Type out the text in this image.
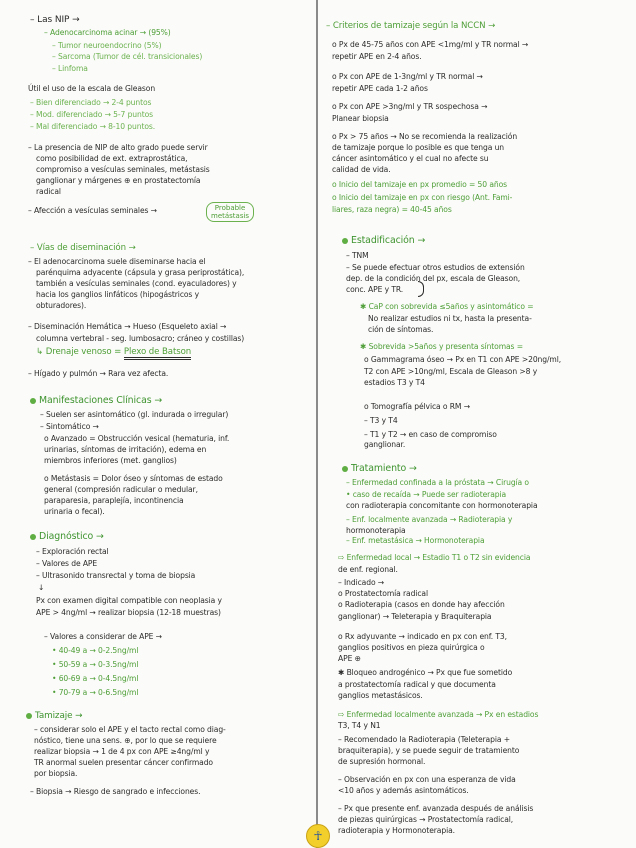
– Las NIP →
– Adenocarcinoma acinar → (95%)
– Tumor neuroendocrino (5%)
– Sarcoma (Tumor de cél. transicionales)
– Linfoma
Útil el uso de la escala de Gleason
– Bien diferenciado → 2-4 puntos
– Mod. diferenciado → 5-7 puntos
– Mal diferenciado → 8-10 puntos.
– La presencia de NIP de alto grado puede servir
como posibilidad de ext. extraprostática,
compromiso a vesículas seminales, metástasis
ganglionar y márgenes ⊕ en prostatectomía
radical
– Afección a vesículas seminales →	Probable
metástasis
– Vías de diseminación →
– El adenocarcinoma suele diseminarse hacia el
parénquima adyacente (cápsula y grasa periprostática),
también a vesículas seminales (cond. eyaculadores) y
hacia los ganglios linfáticos (hipogástricos y
obturadores).
– Diseminación Hemática → Hueso (Esqueleto axial →
columna vertebral - seg. lumbosacro; cráneo y costillas)
↳ Drenaje venoso = Plexo de Batson
– Hígado y pulmón → Rara vez afecta.
Manifestaciones Clínicas →
– Suelen ser asintomático (gl. indurada o irregular)
– Sintomático →
o Avanzado = Obstrucción vesical (hematuria, inf.
urinarias, síntomas de irritación), edema en
miembros inferiores (met. ganglios)
o Metástasis = Dolor óseo y síntomas de estado
general (compresión radicular o medular,
paraparesia, paraplejía, incontinencia
urinaria o fecal).
Diagnóstico →
– Exploración rectal
– Valores de APE
– Ultrasonido transrectal y toma de biopsia
↓
Px con examen digital compatible con neoplasia y
APE > 4ng/ml → realizar biopsia (12-18 muestras)
– Valores a considerar de APE →
• 40-49 a → 0-2.5ng/ml
• 50-59 a → 0-3.5ng/ml
• 60-69 a → 0-4.5ng/ml
• 70-79 a → 0-6.5ng/ml
Tamizaje →
– considerar solo el APE y el tacto rectal como diag-
nóstico, tiene una sens. ⊕, por lo que se requiere
realizar biopsia → 1 de 4 px con APE ≥4ng/ml y
TR anormal suelen presentar cáncer confirmado
por biopsia.
– Biopsia → Riesgo de sangrado e infecciones.
– Criterios de tamizaje según la NCCN →
o Px de 45-75 años con APE <1mg/ml y TR normal →
repetir APE en 2-4 años.
o Px con APE de 1-3ng/ml y TR normal →
repetir APE cada 1-2 años
o Px con APE >3ng/ml y TR sospechosa →
Planear biopsia
o Px > 75 años → No se recomienda la realización
de tamizaje porque lo posible es que tenga un
cáncer asintomático y el cual no afecte su
calidad de vida.
o Inicio del tamizaje en px promedio = 50 años
o Inicio del tamizaje en px con riesgo (Ant. Fami-
liares, raza negra) = 40-45 años
Estadificación →
– TNM
– Se puede efectuar otros estudios de extensión
dep. de la condición del px, escala de Gleason,
conc. APE y TR.
✱ CaP con sobrevida ≤5años y asintomático =
No realizar estudios ni tx, hasta la presenta-
ción de síntomas.
✱ Sobrevida >5años y presenta síntomas =
o Gammagrama óseo → Px en T1 con APE >20ng/ml,
T2 con APE >10ng/ml, Escala de Gleason >8 y
estadios T3 y T4
o Tomografía pélvica o RM →
– T3 y T4
– T1 y T2 → en caso de compromiso
ganglionar.
Tratamiento →
– Enfermedad confinada a la próstata → Cirugía o
• caso de recaída → Puede ser radioterapia
con radioterapia concomitante con hormonoterapia
– Enf. localmente avanzada → Radioterapia y
hormonoterapia
– Enf. metastásica → Hormonoterapia
⇨ Enfermedad local → Estadio T1 o T2 sin evidencia
de enf. regional.
– Indicado →
o Prostatectomía radical
o Radioterapia (casos en donde hay afección
ganglionar) → Teleterapia y Braquiterapia
o Rx adyuvante → indicado en px con enf. T3,
ganglios positivos en pieza quirúrgica o
APE ⊕
✱ Bloqueo androgénico → Px que fue sometido
a prostatectomía radical y que documenta
ganglios metastásicos.
⇨ Enfermedad localmente avanzada → Px en estadios
T3, T4 y N1
– Recomendado la Radioterapia (Teleterapia +
braquiterapia), y se puede seguir de tratamiento
de supresión hormonal.
– Observación en px con una esperanza de vida
<10 años y además asintomáticos.
– Px que presente enf. avanzada después de análisis
de piezas quirúrgicas → Prostatectomía radical,
radioterapia y Hormonoterapia.
☥
